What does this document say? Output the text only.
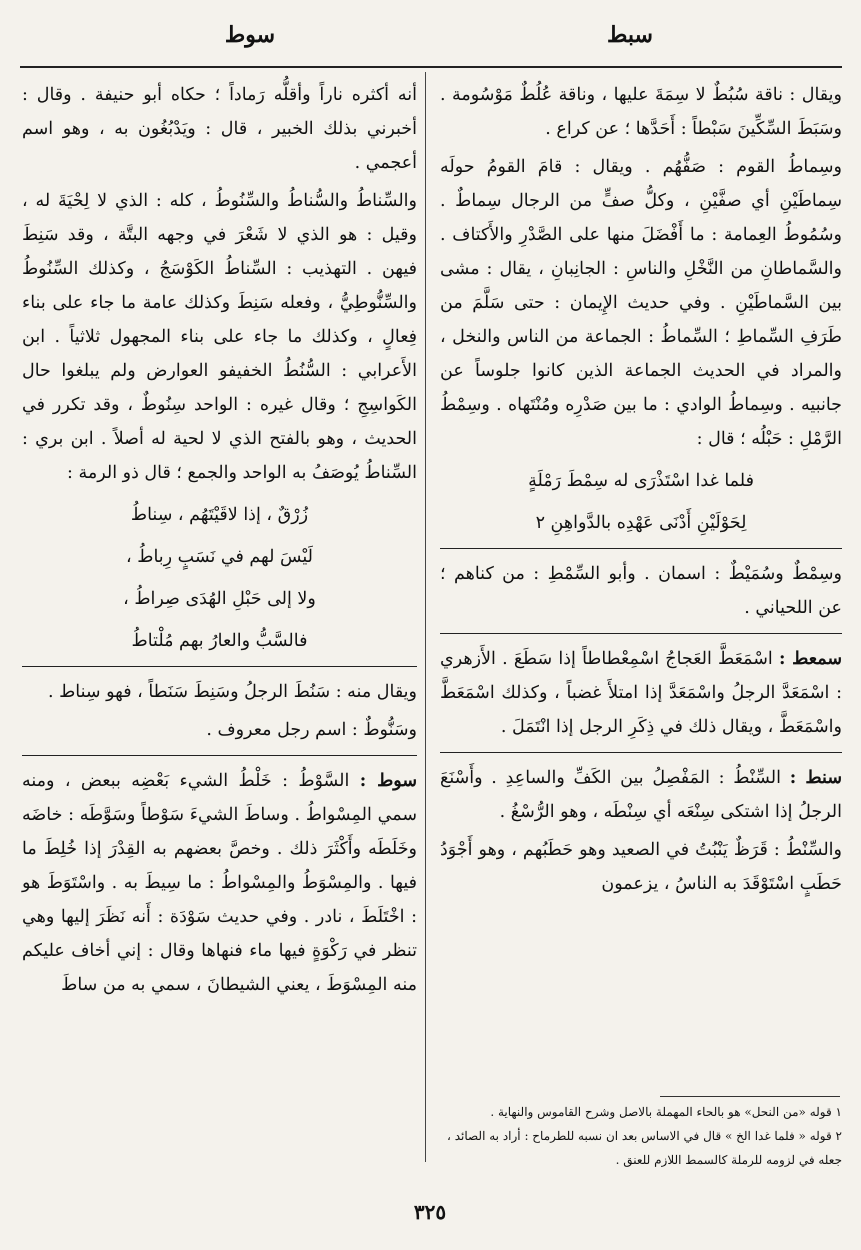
سبط
سوط

ويقال : ناقة سُبُطٌ لا سِمَةَ عليها ، وناقة عُلُطٌ مَوْسُومة . وسَبَطَ السِّكِّينَ سَبْطاً : أَحَدَّها ؛ عن كراع .

وسِماطُ القوم : صَفُّهُم . ويقال : قامَ القومُ حولَه سِماطَيْنِ أي صفَّيْنِ ، وكلُّ صفٍّ من الرجال سِماطٌ . وسُمُوطُ العِمامة : ما أَفْضَلَ منها على الصَّدْرِ والأَكتاف . والسَّماطانِ من النَّخْلِ والناسِ : الجانِبانِ ، يقال : مشى بين السَّماطَيْنِ . وفي حديث الإِيمان : حتى سَلَّمَ من طَرَفِ السِّماطِ ؛ السِّماطُ : الجماعة من الناس والنخل ، والمراد في الحديث الجماعة الذين كانوا جلوساً عن جانبيه . وسِماطُ الوادي : ما بين صَدْرِه ومُنْتَهاه . وسِمْطُ الرَّمْلِ : حَبْلُه ؛ قال :

فلما غدا اسْتَذْرَى له سِمْطَ رَمْلَةٍ
لِحَوْلَيْنِ أَدْنَى عَهْدِه بالدَّواهِنِ ٢

وسِمْطٌ وسُمَيْطٌ : اسمان . وأبو السِّمْطِ : من كناهم ؛ عن اللحياني .

سمعط : اسْمَعَطَّ العَجاجُ اسْمِعْطاطاً إذا سَطَعَ . الأَزهري : اسْمَعَدَّ الرجلُ واسْمَعَدَّ إذا امتلأَ غضباً ، وكذلك اسْمَعَطَّ واسْمَعَطَّ ، ويقال ذلك في ذِكَرِ الرجل إذا انْتَمَلَ .

سنط : السِّنْطُ : المَفْصِلُ بين الكَفِّ والساعِدِ . وأَسْنَعَ الرجلُ إذا اشتكى سِنْعَه أي سِنْطَه ، وهو الرُّسْغُ .

والسِّنْطُ : قَرَظٌ يَنْبُتُ في الصعيد وهو حَطَبُهم ، وهو أَجْوَدُ حَطَبٍ اسْتَوْقَدَ به الناسُ ، يزعمون

أنه أكثره ناراً وأقلُّه رَماداً ؛ حكاه أبو حنيفة . وقال : أخبرني بذلك الخبير ، قال : ويَدْبُغُون به ، وهو اسم أعجمي .

والسِّناطُ والسُّناطُ والسِّنُوطُ ، كله : الذي لا لِحْيَةَ له ، وقيل : هو الذي لا شَعْرَ في وجهه البتَّة ، وقد سَنِطَ فيهن . التهذيب : السِّناطُ الكَوْسَجُ ، وكذلك السِّنُوطُ والسِّنُّوطِيُّ ، وفعله سَنِطَ وكذلك عامة ما جاء على بناء فِعالٍ ، وكذلك ما جاء على بناء المجهول ثلاثياً . ابن الأَعرابي : السُّنُطُ الخفيفو العوارض ولم يبلغوا حال الكَواسِجِ ؛ وقال غيره : الواحد سِنُوطٌ ، وقد تكرر في الحديث ، وهو بالفتح الذي لا لحية له أصلاً . ابن بري : السِّناطُ يُوصَفُ به الواحد والجمع ؛ قال ذو الرمة :

زُرْقٌ ، إذا لاقَيْتَهُم ، سِناطُ
لَيْسَ لهم في نَسَبٍ رِباطُ ،
ولا إلى حَبْلِ الهُدَى صِراطُ ،
فالسَّبُّ والعارُ بهم مُلْتاطُ

ويقال منه : سَنُطَ الرجلُ وسَنِطَ سَنَطاً ، فهو سِناط .

وسَنُّوطٌ : اسم رجل معروف .

سوط : السَّوْطُ : خَلْطُ الشيء بَعْضِه ببعض ، ومنه سمي المِسْواطُ . وساطَ الشيءَ سَوْطاً وسَوَّطَه : خاضَه وخَلَطَه وأَكْثَرَ ذلك . وخصَّ بعضهم به القِدْرَ إذا خُلِطَ ما فيها . والمِسْوَطُ والمِسْواطُ : ما سِيطَ به . واسْتَوَطَ هو : اخْتَلَطَ ، نادر . وفي حديث سَوْدَة : أَنه نَظَرَ إليها وهي تنظر في رَكْوَةٍ فيها ماء فنهاها وقال : إني أخاف عليكم منه المِسْوَطَ ، يعني الشيطانَ ، سمي به من ساطَ

١ قوله «من النحل» هو بالحاء المهملة بالاصل وشرح القاموس والنهاية .
٢ قوله « فلما غدا الخ » قال في الاساس بعد ان نسبه للطرماح : أراد به الصائد ، جعله في لزومه للرملة كالسمط اللازم للعنق .
٣٢٥
